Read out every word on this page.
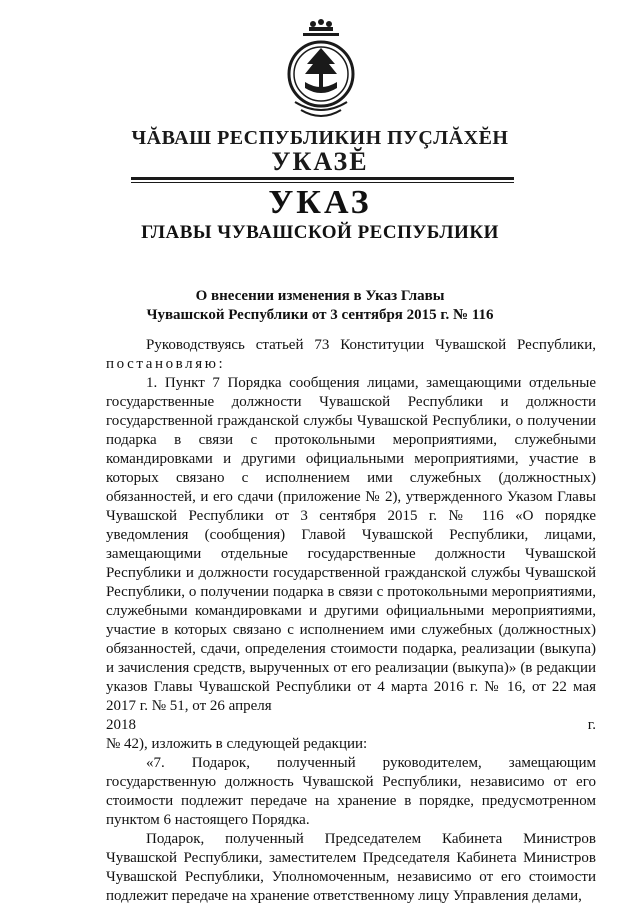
ЧĂВАШ РЕСПУБЛИКИН ПУÇЛĂХĔН
УКАЗĔ
УКАЗ
ГЛАВЫ ЧУВАШСКОЙ РЕСПУБЛИКИ
О внесении изменения в Указ Главы
Чувашской Республики от 3 сентября 2015 г. № 116

Руководствуясь статьей 73 Конституции Чувашской Республики, постановляю:

1. Пункт 7 Порядка сообщения лицами, замещающими отдельные государственные должности Чувашской Республики и должности государственной гражданской службы Чувашской Республики, о получении подарка в связи с протокольными мероприятиями, служебными командировками и другими официальными мероприятиями, участие в которых связано с исполнением ими служебных (должностных) обязанностей, и его сдачи (приложение № 2), утвержденного Указом Главы Чувашской Республики от 3 сентября 2015 г. № 116 «О порядке уведомления (сообщения) Главой Чувашской Республики, лицами, замещающими отдельные государственные должности Чувашской Республики и должности государственной гражданской службы Чувашской Республики, о получении подарка в связи с протокольными мероприятиями, служебными командировками и другими официальными мероприятиями, участие в которых связано с исполнением ими служебных (должностных) обязанностей, сдачи, определения стоимости подарка, реализации (выкупа) и зачисления средств, вырученных от его реализации (выкупа)» (в редакции указов Главы Чувашской Республики от 4 марта 2016 г. № 16, от 22 мая 2017 г. № 51, от 26 апреля

2018	г.

№ 42), изложить в следующей редакции:

«7. Подарок, полученный руководителем, замещающим государственную должность Чувашской Республики, независимо от его стоимости подлежит передаче на хранение в порядке, предусмотренном пунктом 6 настоящего Порядка.

Подарок, полученный Председателем Кабинета Министров Чувашской Республики, заместителем Председателя Кабинета Министров Чувашской Республики, Уполномоченным, независимо от его стоимости подлежит передаче на хранение ответственному лицу Управления делами,
